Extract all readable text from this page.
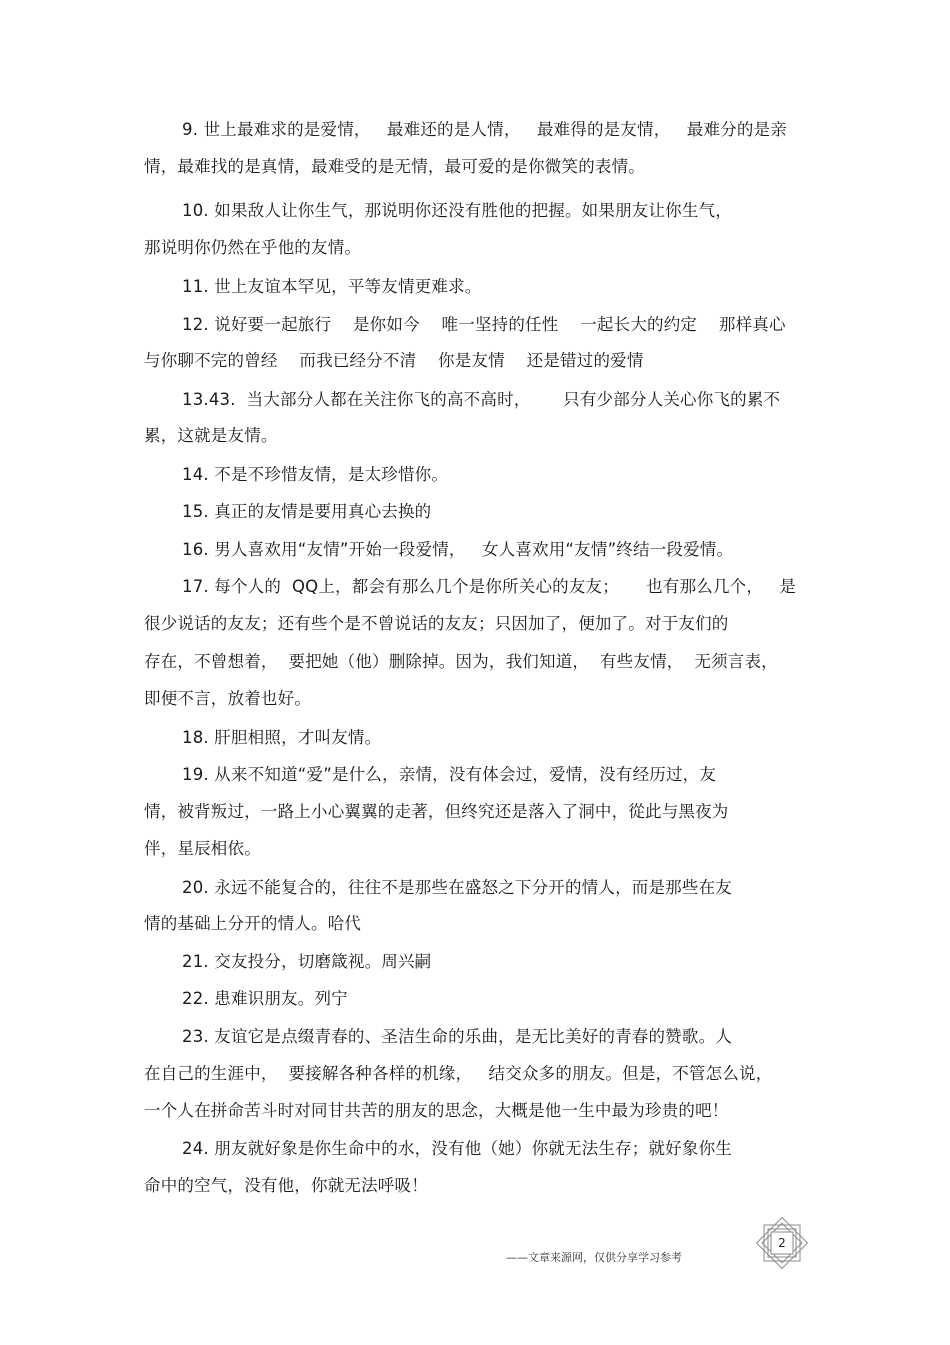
9. 世上最难求的是爱情，   最难还的是人情，   最难得的是友情，   最难分的是亲
情，最难找的是真情，最难受的是无情，最可爱的是你微笑的表情。
10. 如果敌人让你生气，那说明你还没有胜他的把握。如果朋友让你生气，
那说明你仍然在乎他的友情。
11. 世上友谊本罕见，平等友情更难求。
12. 说好要一起旅行    是你如今    唯一坚持的任性    一起长大的约定    那样真心
与你聊不完的曾经    而我已经分不清    你是友情    还是错过的爱情
13.43.  当大部分人都在关注你飞的高不高时，      只有少部分人关心你飞的累不
累，这就是友情。
14. 不是不珍惜友情，是太珍惜你。
15. 真正的友情是要用真心去换的
16. 男人喜欢用“友情”开始一段爱情，   女人喜欢用“友情”终结一段爱情。
17. 每个人的  QQ上，都会有那么几个是你所关心的友友；     也有那么几个，   是
很少说话的友友；还有些个是不曾说话的友友；只因加了，便加了。对于友们的
存在，不曾想着，  要把她（他）删除掉。因为，我们知道，  有些友情，  无须言表，
即便不言，放着也好。
18. 肝胆相照，才叫友情。
19. 从来不知道“爱”是什么，亲情，没有体会过，爱情，没有经历过，友
情，被背叛过，一路上小心翼翼的走著，但终究还是落入了洞中，從此与黑夜为
伴，星辰相依。
20. 永远不能复合的，往往不是那些在盛怒之下分开的情人，而是那些在友
情的基础上分开的情人。哈代
21. 交友投分，切磨箴视。周兴嗣
22. 患难识朋友。列宁
23. 友谊它是点缀青春的、圣洁生命的乐曲，是无比美好的青春的赞歌。人
在自己的生涯中，  要接解各种各样的机缘，   结交众多的朋友。但是，不管怎么说，
一个人在拼命苦斗时对同甘共苦的朋友的思念，大概是他一生中最为珍贵的吧！
24. 朋友就好象是你生命中的水，没有他（她）你就无法生存；就好象你生
命中的空气，没有他，你就无法呼吸！
——文章来源网，仅供分享学习参考
2
